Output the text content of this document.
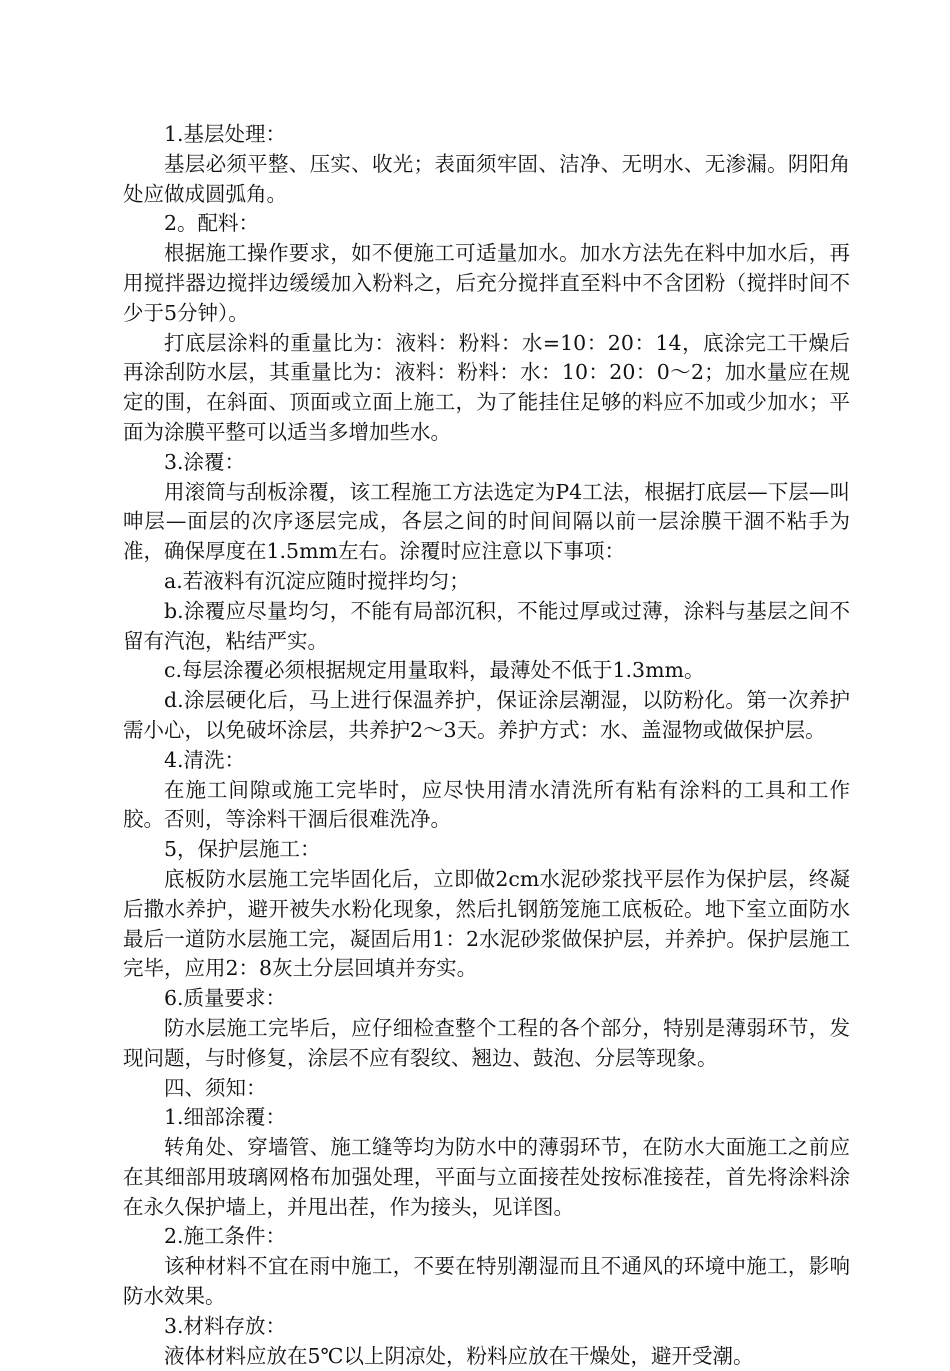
1.基层处理：

基层必须平整、压实、收光；表面须牢固、洁净、无明水、无渗漏。阴阳角处应做成圆弧角。

2。配料：

根据施工操作要求，如不便施工可适量加水。加水方法先在料中加水后，再用搅拌器边搅拌边缓缓加入粉料之，后充分搅拌直至料中不含团粉（搅拌时间不少于5分钟）。

打底层涂料的重量比为：液料：粉料：水=10：20：14，底涂完工干燥后再涂刮防水层，其重量比为：液料：粉料：水：10：20：0～2；加水量应在规定的围，在斜面、顶面或立面上施工，为了能挂住足够的料应不加或少加水；平面为涂膜平整可以适当多增加些水。

3.涂覆：

用滚筒与刮板涂覆，该工程施工方法选定为P4工法，根据打底层—下层—叫呻层—面层的次序逐层完成，各层之间的时间间隔以前一层涂膜干涸不粘手为准，确保厚度在1.5mm左右。涂覆时应注意以下事项：

a.若液料有沉淀应随时搅拌均匀；

b.涂覆应尽量均匀，不能有局部沉积，不能过厚或过薄，涂料与基层之间不留有汽泡，粘结严实。

c.每层涂覆必须根据规定用量取料，最薄处不低于1.3mm。

d.涂层硬化后，马上进行保温养护，保证涂层潮湿，以防粉化。第一次养护需小心，以免破坏涂层，共养护2～3天。养护方式：水、盖湿物或做保护层。

4.清洗：

在施工间隙或施工完毕时，应尽快用清水清洗所有粘有涂料的工具和工作胶。否则，等涂料干涸后很难洗净。

5，保护层施工：

底板防水层施工完毕固化后，立即做2cm水泥砂浆找平层作为保护层，终凝后撒水养护，避开被失水粉化现象，然后扎钢筋笼施工底板砼。地下室立面防水最后一道防水层施工完，凝固后用1：2水泥砂浆做保护层，并养护。保护层施工完毕，应用2：8灰土分层回填并夯实。

6.质量要求：

防水层施工完毕后，应仔细检查整个工程的各个部分，特别是薄弱环节，发现问题，与时修复，涂层不应有裂纹、翘边、鼓泡、分层等现象。

四、须知：

1.细部涂覆：

转角处、穿墙管、施工缝等均为防水中的薄弱环节，在防水大面施工之前应在其细部用玻璃网格布加强处理，平面与立面接茬处按标准接茬，首先将涂料涂在永久保护墙上，并甩出茬，作为接头，见详图。

2.施工条件：

该种材料不宜在雨中施工，不要在特别潮湿而且不通风的环境中施工，影响防水效果。

3.材料存放：

液体材料应放在5℃以上阴凉处，粉料应放在干燥处，避开受潮。
